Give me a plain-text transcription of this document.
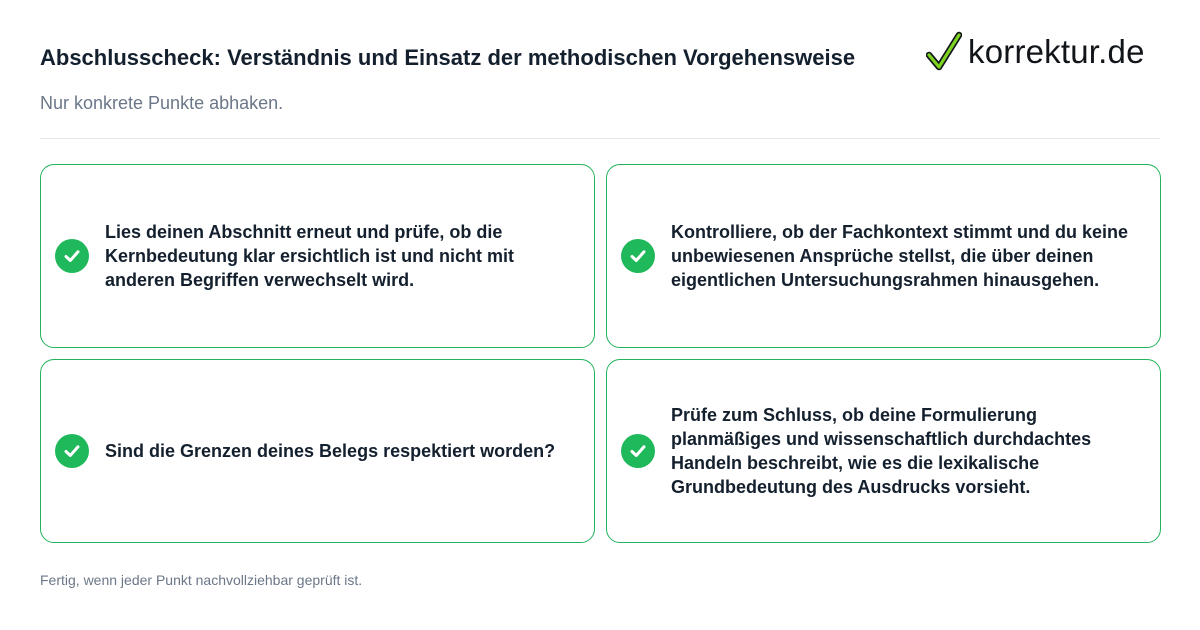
Abschlusscheck: Verständnis und Einsatz der methodischen Vorgehensweise
Nur konkrete Punkte abhaken.
korrektur.de
Lies deinen Abschnitt erneut und prüfe, ob die Kernbedeutung klar ersichtlich ist und nicht mit anderen Begriffen verwechselt wird.
Kontrolliere, ob der Fachkontext stimmt und du keine unbewiesenen Ansprüche stellst, die über deinen eigentlichen Untersuchungsrahmen hinausgehen.
Sind die Grenzen deines Belegs respektiert worden?
Prüfe zum Schluss, ob deine Formulierung planmäßiges und wissenschaftlich durchdachtes Handeln beschreibt, wie es die lexikalische Grundbedeutung des Ausdrucks vorsieht.
Fertig, wenn jeder Punkt nachvollziehbar geprüft ist.
